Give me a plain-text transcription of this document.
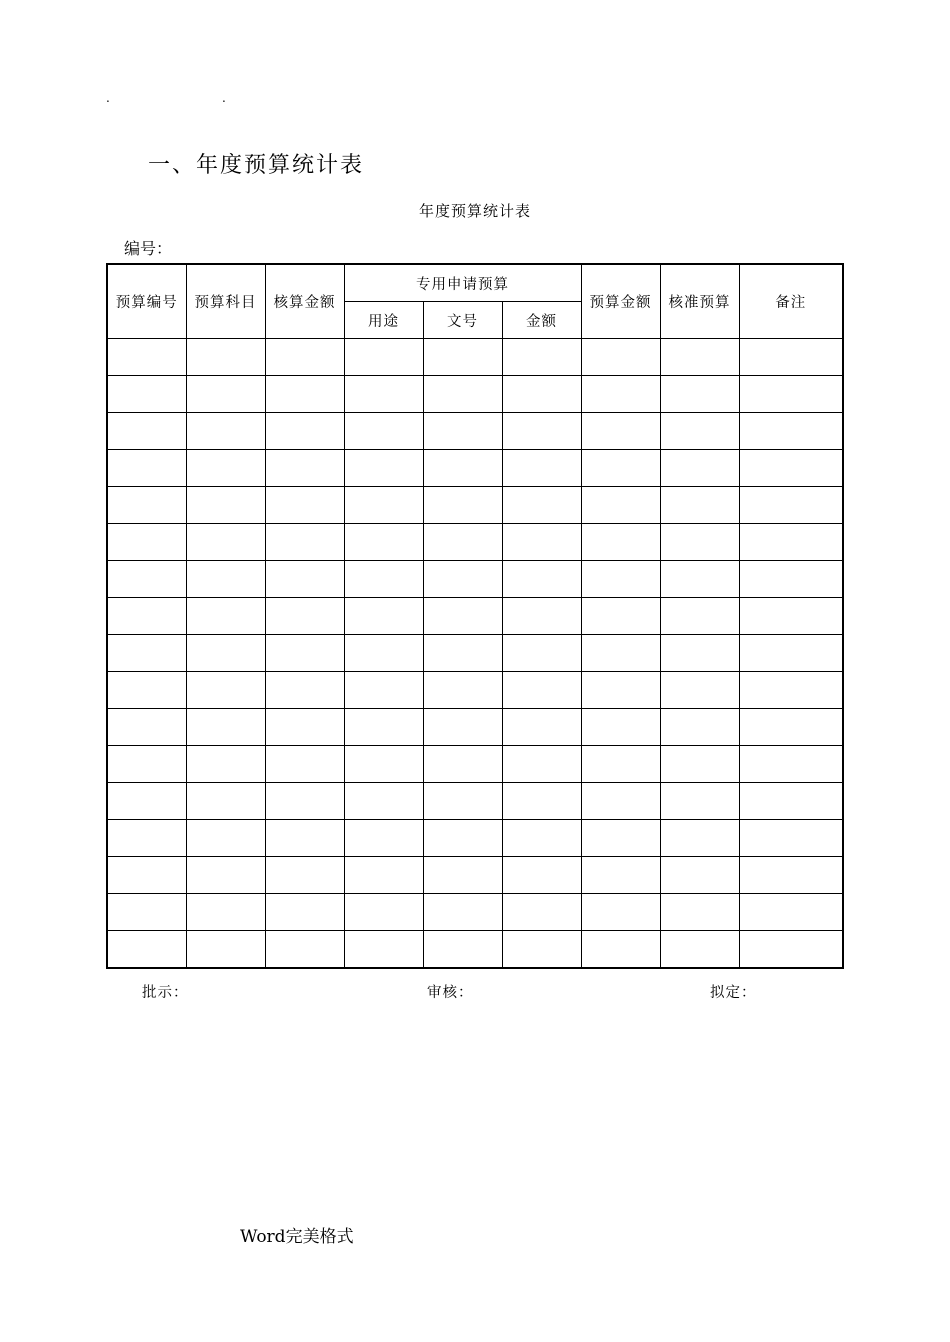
.	.
一、年度预算统计表
年度预算统计表
编号：
预算编号	预算科目	核算金额	专用申请预算			预算金额	核准预算	备注
			用途	文号	金额			

批示：	审核：	拟定：
Word完美格式
